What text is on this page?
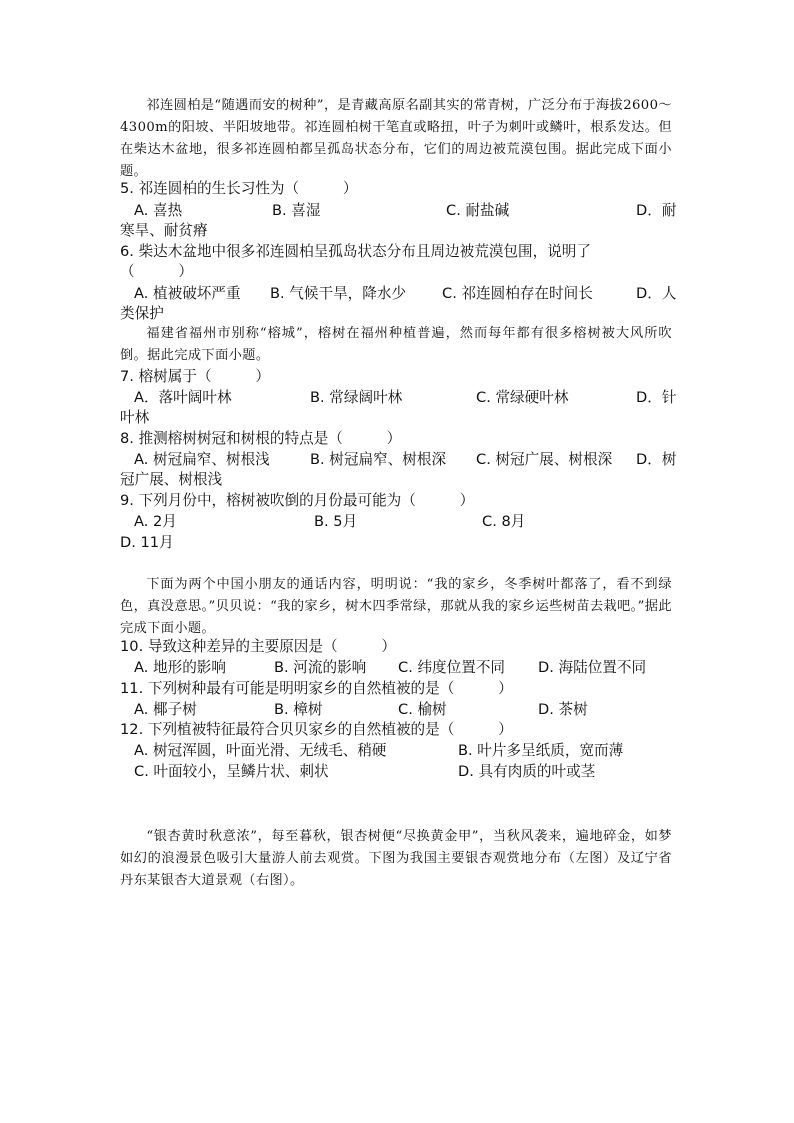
祁连圆柏是“随遇而安的树种”，是青藏高原名副其实的常青树，广泛分布于海拔2600～4300m的阳坡、半阳坡地带。祁连圆柏树干笔直或略扭，叶子为刺叶或鳞叶，根系发达。但在柴达木盆地，很多祁连圆柏都呈孤岛状态分布，它们的周边被荒漠包围。据此完成下面小题。
5. 祁连圆柏的生长习性为（　　　）
A. 喜热	B. 喜湿	C. 耐盐碱	D．耐
寒旱、耐贫瘠
6. 柴达木盆地中很多祁连圆柏呈孤岛状态分布且周边被荒漠包围，说明了
（　　　）
A. 植被破坏严重 B. 气候干旱，降水少 C. 祁连圆柏存在时间长	D．人
类保护
福建省福州市别称“榕城”，榕树在福州种植普遍，然而每年都有很多榕树被大风所吹倒。据此完成下面小题。
7. 榕树属于（　　　）
A．落叶阔叶林	B. 常绿阔叶林	C. 常绿硬叶林	D．针
叶林
8. 推测榕树树冠和树根的特点是（　　　）
A. 树冠扁窄、树根浅	B. 树冠扁窄、树根深 C. 树冠广展、树根深 D．树
冠广展、树根浅
9. 下列月份中，榕树被吹倒的月份最可能为（　　　）
A. 2月	B. 5月	C. 8月
D. 11月
下面为两个中国小朋友的通话内容，明明说：“我的家乡，冬季树叶都落了，看不到绿色，真没意思。”贝贝说：“我的家乡，树木四季常绿，那就从我的家乡运些树苗去栽吧。”据此完成下面小题。
10. 导致这种差异的主要原因是（　　　）
A. 地形的影响	B. 河流的影响 C. 纬度位置不同 D. 海陆位置不同
11. 下列树种最有可能是明明家乡的自然植被的是（　　　）
A. 椰子树	B. 樟树	C. 榆树	D. 茶树
12. 下列植被特征最符合贝贝家乡的自然植被的是（　　　）
A. 树冠浑圆，叶面光滑、无绒毛、稍硬	B. 叶片多呈纸质，宽而薄
C. 叶面较小，呈鳞片状、刺状	D. 具有肉质的叶或茎
“银杏黄时秋意浓”，每至暮秋，银杏树便“尽换黄金甲”，当秋风袭来，遍地碎金，如梦如幻的浪漫景色吸引大量游人前去观赏。下图为我国主要银杏观赏地分布（左图）及辽宁省丹东某银杏大道景观（右图）。
